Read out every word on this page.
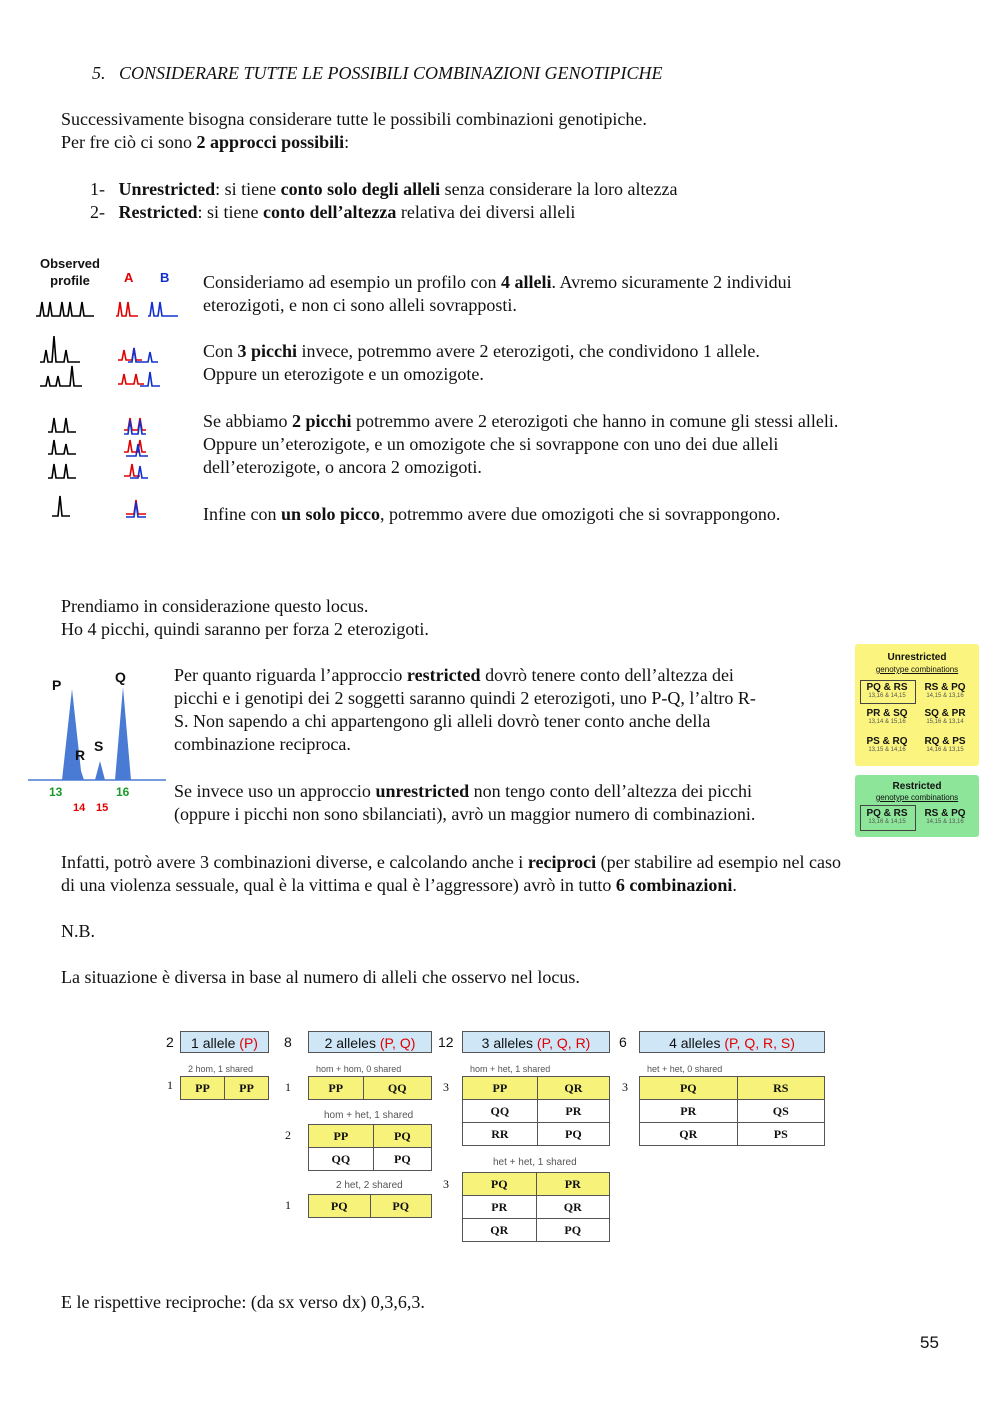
5.   CONSIDERARE TUTTE LE POSSIBILI COMBINAZIONI GENOTIPICHE
Successivamente bisogna considerare tutte le possibili combinazioni genotipiche.
Per fre ciò ci sono 2 approcci possibili:
1- Unrestricted: si tiene conto solo degli alleli senza considerare la loro altezza
2- Restricted: si tiene conto dell’altezza relativa dei diversi alleli
Observed
profile	A B Consideriamo ad esempio un profilo con 4 alleli. Avremo sicuramente 2 individui
eterozigoti, e non ci sono alleli sovrapposti.
Con 3 picchi invece, potremmo avere 2 eterozigoti, che condividono 1 allele.
Oppure un eterozigote e un omozigote.
Se abbiamo 2 picchi potremmo avere 2 eterozigoti che hanno in comune gli stessi alleli.
Oppure un’eterozigote, e un omozigote che si sovrappone con uno dei due alleli
dell’eterozigote, o ancora 2 omozigoti.
Infine con un solo picco, potremmo avere due omozigoti che si sovrappongono.
Prendiamo in considerazione questo locus.
Ho 4 picchi, quindi saranno per forza 2 eterozigoti.
P	Q
R
S
13	16
14 15
Per quanto riguarda l’approccio restricted dovrò tenere conto dell’altezza dei
picchi e i genotipi dei 2 soggetti saranno quindi 2 eterozigoti, uno P-Q, l’altro R-
S. Non sapendo a chi appartengono gli alleli dovrò tener conto anche della
combinazione reciproca.
Se invece uso un approccio unrestricted non tengo conto dell’altezza dei picchi
(oppure i picchi non sono sbilanciati), avrò un maggior numero di combinazioni.
Unrestricted
genotype combinations
PQ & RS
13,16 & 14,15
RS & PQ
14,15 & 13,16
PR & SQ
13,14 & 15,16
SQ & PR
15,16 & 13,14
PS & RQ
13,15 & 14,16
RQ & PS
14,16 & 13,15
Restricted
genotype combinations
PQ & RS
13,16 & 14,15
RS & PQ
14,15 & 13,16
Infatti, potrò avere 3 combinazioni diverse, e calcolando anche i reciproci (per stabilire ad esempio nel caso
di una violenza sessuale, qual è la vittima e qual è l’aggressore) avrò in tutto 6 combinazioni.
N.B.
La situazione è diversa in base al numero di alleli che osservo nel locus.
2	1 allele (P)
2 hom, 1 shared
1 PP	PP
8	2 alleles (P, Q)
hom + hom, 0 shared
1	PP	QQ
hom + het, 1 shared
2	PP	PQ
QQ	PQ
2 het, 2 shared
1	PQ	PQ
12	3 alleles (P, Q, R)
hom + het, 1 shared
3	PP	QR
QQ	PR
RR	PQ
het + het, 1 shared
3	PQ	PR
PR	QR
QR	PQ
6	4 alleles (P, Q, R, S)
het + het, 0 shared
3	PQ	RS
PR	QS
QR	PS
E le rispettive reciproche: (da sx verso dx) 0,3,6,3.
55
